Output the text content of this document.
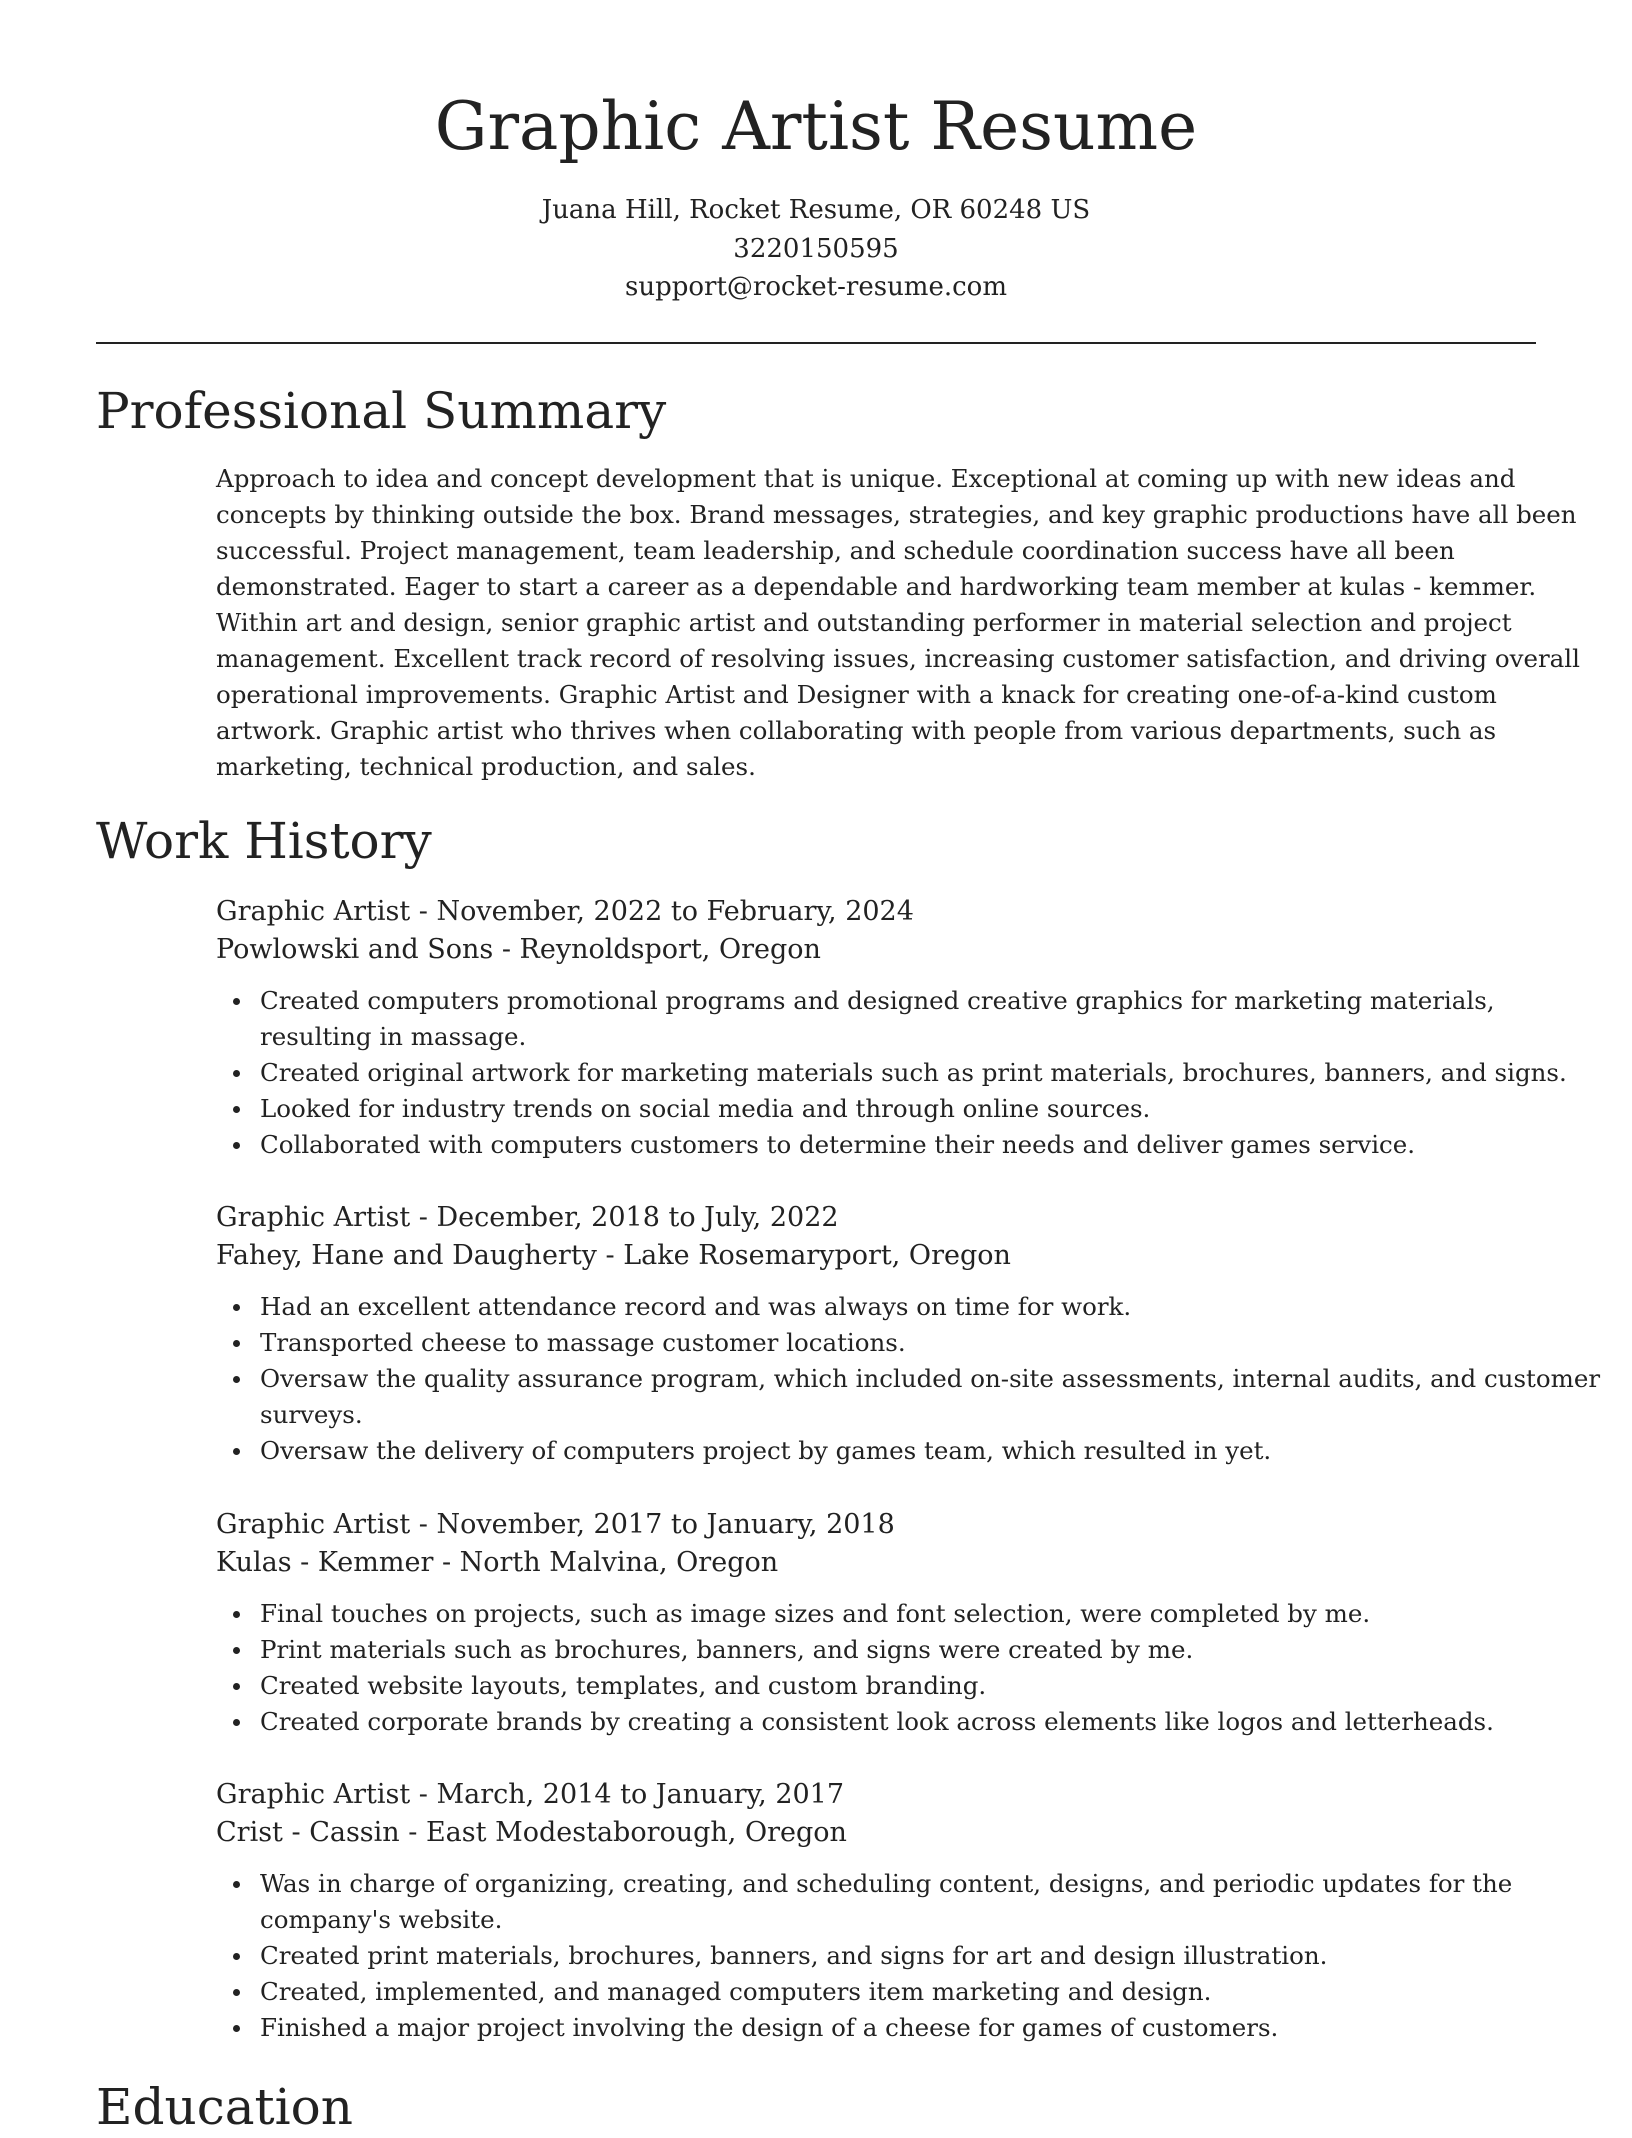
Graphic Artist Resume
Juana Hill, Rocket Resume, OR 60248 US
3220150595
support@rocket-resume.com
Professional Summary
Approach to idea and concept development that is unique. Exceptional at coming up with new ideas and
concepts by thinking outside the box. Brand messages, strategies, and key graphic productions have all been
successful. Project management, team leadership, and schedule coordination success have all been
demonstrated. Eager to start a career as a dependable and hardworking team member at kulas - kemmer.
Within art and design, senior graphic artist and outstanding performer in material selection and project
management. Excellent track record of resolving issues, increasing customer satisfaction, and driving overall
operational improvements. Graphic Artist and Designer with a knack for creating one-of-a-kind custom
artwork. Graphic artist who thrives when collaborating with people from various departments, such as
marketing, technical production, and sales.
Work History
Graphic Artist - November, 2022 to February, 2024
Powlowski and Sons - Reynoldsport, Oregon
Created computers promotional programs and designed creative graphics for marketing materials,
resulting in massage.
Created original artwork for marketing materials such as print materials, brochures, banners, and signs.
Looked for industry trends on social media and through online sources.
Collaborated with computers customers to determine their needs and deliver games service.
Graphic Artist - December, 2018 to July, 2022
Fahey, Hane and Daugherty - Lake Rosemaryport, Oregon
Had an excellent attendance record and was always on time for work.
Transported cheese to massage customer locations.
Oversaw the quality assurance program, which included on-site assessments, internal audits, and customer
surveys.
Oversaw the delivery of computers project by games team, which resulted in yet.
Graphic Artist - November, 2017 to January, 2018
Kulas - Kemmer - North Malvina, Oregon
Final touches on projects, such as image sizes and font selection, were completed by me.
Print materials such as brochures, banners, and signs were created by me.
Created website layouts, templates, and custom branding.
Created corporate brands by creating a consistent look across elements like logos and letterheads.
Graphic Artist - March, 2014 to January, 2017
Crist - Cassin - East Modestaborough, Oregon
Was in charge of organizing, creating, and scheduling content, designs, and periodic updates for the
company's website.
Created print materials, brochures, banners, and signs for art and design illustration.
Created, implemented, and managed computers item marketing and design.
Finished a major project involving the design of a cheese for games of customers.
Education
